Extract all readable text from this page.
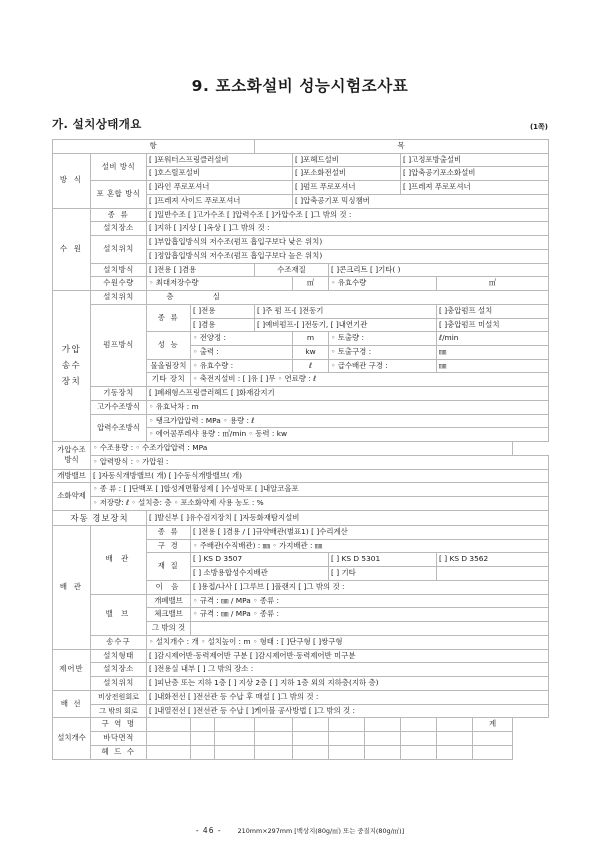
9. 포소화설비 성능시험조사표
가. 설치상태개요	(1쪽)
항					목						
방 식	설비 방식	[ ]포워터스프링클러설비				[ ]포헤드설비			[ ]고정포방출설비		
		[ ]호스릴포설비				[ ]포소화전설비			[ ]압축공기포소화설비		
	포 혼합 방식	[ ]라인 푸로포셔너				[ ]펌프 푸로포셔너			[ ]프레져 푸로포셔너		
		[ ]프레져 사이드 푸로포셔너				[ ]압축공기포 믹싱챔버					
수 원	종 류	[ ]일반수조 [ ]고가수조 [ ]압력수조 [ ]가압수조 [ ]그 밖의 것 :									
	설치장소	[ ]지하 [ ]지상 [ ]옥상 [ ]그 밖의 것 :									
	설치위치	[ ]부압흡입방식의 저수조(펌프 흡입구보다 낮은 위치)									
		[ ]정압흡입방식의 저수조(펌프 흡입구보다 높은 위치)									
	설치방식	[ ]전용 [ ]겸용			수조재질		[ ]콘크리트 [ ]기타( )				
	수원수량	◦ 최대저장수량				㎥	◦ 유효수량			㎥	

가압
송수
장치	설치위치	층 실									
	펌프방식	종 류	[ ]전용		[ ]주 펌 프-[ ]전동기					[ ]충압펌프 설치	
			[ ]겸용		[ ]예비펌프-[ ]전동기, [ ]내연기관					[ ]충압펌프 미설치	
		성 능	◦ 전양정 :			m	◦ 토출량 :			ℓ/min	
			◦ 출력 :			kw	◦ 토출구경 :			㎜	
		물올림장치	◦ 유효수량 :			ℓ	◦ 급수배관 구경 :			㎜	
		기타 장치	◦ 축전지설비 : [ ]유 [ ]무 ◦ 연료량 : ℓ								
	기동장치	[ ]폐쇄형스프링클러헤드 [ ]화재감지기									
	고가수조방식	◦ 유효낙차 : m									
	압력수조방식	◦ 탱크가압압력 : MPa ◦ 용량 : ℓ									
		◦ 에어콤푸레샤 용량 : ㎥/min ◦ 동력 : kw									
가압수조방식	◦ 수조용량 : ◦ 수조가압압력 : MPa										
	◦ 압력방식 : ◦ 가압원 :										
개방밸브	[ ]자동식개방밸브( 개) [ ]수동식개방밸브( 개)										
소화약제	◦ 종 류 : [ ]단백포 [ ]합성계면활성제 [ ]수성막포 [ ]내알코올포										
	◦ 저장량: ℓ ◦ 설치층: 층 ◦ 포소화약제 사용 농도 : %										
자동 경보장치		[ ]발신부 [ ]유수검지장치 [ ]자동화재탐지설비									
배 관	배 관	종 류	[ ]전용 [ ]겸용 / [ ]규약배관(별표1) [ ]수리계산								
		구 경	◦ 주배관(수직배관) : ㎜ ◦ 가지배관 : ㎜								
		재 질	[ ] KS D 3507				[ ] KS D 5301			[ ] KS D 3562	
			[ ] 소방용합성수지배관				[ ] 기타				
		이 음	[ ]용접/나사 [ ]그루브 [ ]플랜지 [ ]그 밖의 것 :								
	밸 브	개폐밸브	◦ 규격 : ㎜ / MPa ◦ 종류 :								
		체크밸브	◦ 규격 : ㎜ / MPa ◦ 종류 :								
		그 밖의 것									
	송수구	◦ 설치개수 : 개 ◦ 설치높이 : m ◦ 형태 : [ ]단구형 [ ]쌍구형									
제어반	설치형태	[ ]감시제어반·동력제어반 구분 [ ]감시제어반·동력제어반 미구분									
	설치장소	[ ]전용실 내부 [ ] 그 밖의 장소 :									
	설치위치	[ ]피난층 또는 지하 1층 [ ] 지상 2층 [ ] 지하 1층 외의 지하층(지하 층)									
배 선	비상전원회로	[ ]내화전선 [ ]전선관 등 수납 후 매설 [ ]그 밖의 것 :									
	그 밖의 회로	[ ]내열전선 [ ]전선관 등 수납 [ ]케이블 공사방법 [ ]그 밖의 것 :									
설치개수	구 역 명										계
	바닥면적										
	헤 드 수										
- 46 -	210mm×297mm [백상지(80g/㎡) 또는 중질지(80g/㎡)]
